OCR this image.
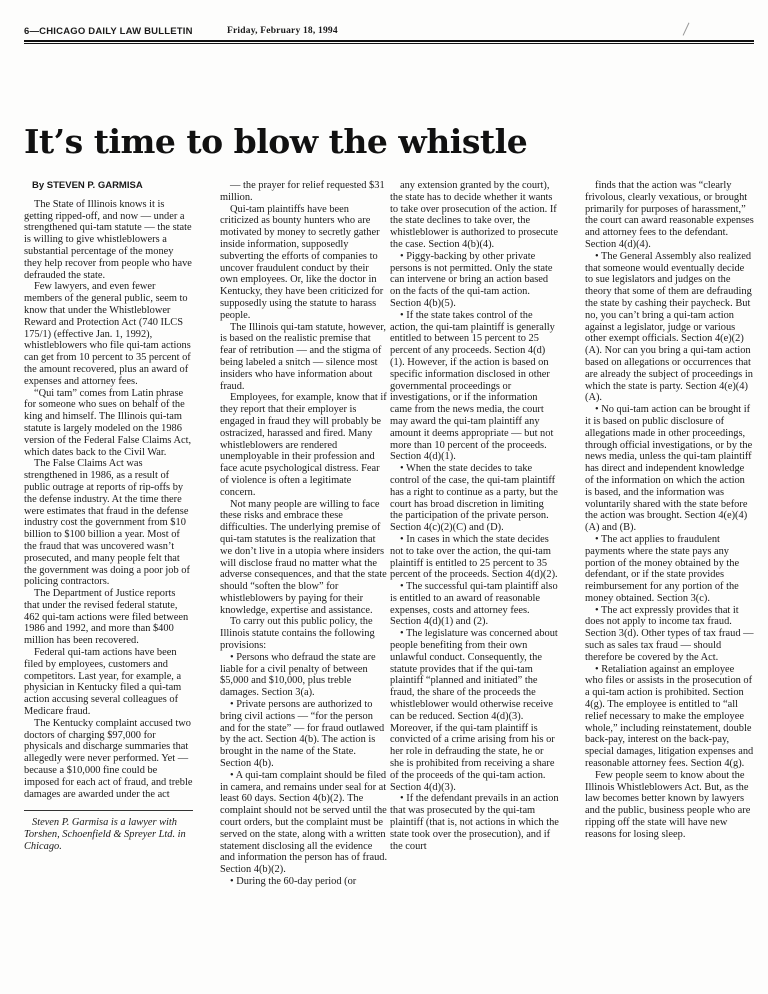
6—CHICAGO DAILY LAW BULLETIN	Friday, February 18, 1994
It’s time to blow the whistle
By STEVEN P. GARMISA

The State of Illinois knows it is getting ripped-off, and now — under a strengthened qui-tam statute — the state is willing to give whistleblowers a substantial percentage of the money they help recover from people who have defrauded the state.

Few lawyers, and even fewer members of the general public, seem to know that under the Whistleblower Reward and Protection Act (740 ILCS 175/1) (effective Jan. 1, 1992), whistleblowers who file qui-tam actions can get from 10 percent to 35 percent of the amount recovered, plus an award of expenses and attorney fees.

“Qui tam” comes from Latin phrase for someone who sues on behalf of the king and himself. The Illinois qui-tam statute is largely modeled on the 1986 version of the Federal False Claims Act, which dates back to the Civil War.

The False Claims Act was strengthened in 1986, as a result of public outrage at reports of rip-offs by the defense industry. At the time there were estimates that fraud in the defense industry cost the government from $10 billion to $100 billion a year. Most of the fraud that was uncovered wasn’t prosecuted, and many people felt that the government was doing a poor job of policing contractors.

The Department of Justice reports that under the revised federal statute, 462 qui-tam actions were filed between 1986 and 1992, and more than $400 million has been recovered.

Federal qui-tam actions have been filed by employees, customers and competitors. Last year, for example, a physician in Kentucky filed a qui-tam action accusing several colleagues of Medicare fraud.

The Kentucky complaint accused two doctors of charging $97,000 for physicals and discharge summaries that allegedly were never performed. Yet — because a $10,000 fine could be imposed for each act of fraud, and treble damages are awarded under the act

Steven P. Garmisa is a lawyer with Torshen, Schoenfield & Spreyer Ltd. in Chicago.

— the prayer for relief requested $31 million.

Qui-tam plaintiffs have been criticized as bounty hunters who are motivated by money to secretly gather inside information, supposedly subverting the efforts of companies to uncover fraudulent conduct by their own employees. Or, like the doctor in Kentucky, they have been criticized for supposedly using the statute to harass people.

The Illinois qui-tam statute, however, is based on the realistic premise that fear of retribution — and the stigma of being labeled a snitch — silence most insiders who have information about fraud.

Employees, for example, know that if they report that their employer is engaged in fraud they will probably be ostracized, harassed and fired. Many whistleblowers are rendered unemployable in their profession and face acute psychological distress. Fear of violence is often a legitimate concern.

Not many people are willing to face these risks and embrace these difficulties. The underlying premise of qui-tam statutes is the realization that we don’t live in a utopia where insiders will disclose fraud no matter what the adverse consequences, and that the state should “soften the blow” for whistleblowers by paying for their knowledge, expertise and assistance.

To carry out this public policy, the Illinois statute contains the following provisions:

• Persons who defraud the state are liable for a civil penalty of between $5,000 and $10,000, plus treble damages. Section 3(a).

• Private persons are authorized to bring civil actions — “for the person and for the state” — for fraud outlawed by the act. Section 4(b). The action is brought in the name of the State. Section 4(b).

• A qui-tam complaint should be filed in camera, and remains under seal for at least 60 days. Section 4(b)(2). The complaint should not be served until the court orders, but the complaint must be served on the state, along with a written statement disclosing all the evidence and information the person has of fraud. Section 4(b)(2).

• During the 60-day period (or

any extension granted by the court), the state has to decide whether it wants to take over prosecution of the action. If the state declines to take over, the whistleblower is authorized to prosecute the case. Section 4(b)(4).

• Piggy-backing by other private persons is not permitted. Only the state can intervene or bring an action based on the facts of the qui-tam action. Section 4(b)(5).

• If the state takes control of the action, the qui-tam plaintiff is generally entitled to between 15 percent to 25 percent of any proceeds. Section 4(d)(1). However, if the action is based on specific information disclosed in other governmental proceedings or investigations, or if the information came from the news media, the court may award the qui-tam plaintiff any amount it deems appropriate — but not more than 10 percent of the proceeds. Section 4(d)(1).

• When the state decides to take control of the case, the qui-tam plaintiff has a right to continue as a party, but the court has broad discretion in limiting the participation of the private person. Section 4(c)(2)(C) and (D).

• In cases in which the state decides not to take over the action, the qui-tam plaintiff is entitled to 25 percent to 35 percent of the proceeds. Section 4(d)(2).

• The successful qui-tam plaintiff also is entitled to an award of reasonable expenses, costs and attorney fees. Section 4(d)(1) and (2).

• The legislature was concerned about people benefiting from their own unlawful conduct. Consequently, the statute provides that if the qui-tam plaintiff “planned and initiated” the fraud, the share of the proceeds the whistleblower would otherwise receive can be reduced. Section 4(d)(3). Moreover, if the qui-tam plaintiff is convicted of a crime arising from his or her role in defrauding the state, he or she is prohibited from receiving a share of the proceeds of the qui-tam action. Section 4(d)(3).

• If the defendant prevails in an action that was prosecuted by the qui-tam plaintiff (that is, not actions in which the state took over the prosecution), and if the court

finds that the action was “clearly frivolous, clearly vexatious, or brought primarily for purposes of harassment,” the court can award reasonable expenses and attorney fees to the defendant. Section 4(d)(4).

• The General Assembly also realized that someone would eventually decide to sue legislators and judges on the theory that some of them are defrauding the state by cashing their paycheck. But no, you can’t bring a qui-tam action against a legislator, judge or various other exempt officials. Section 4(e)(2)(A). Nor can you bring a qui-tam action based on allegations or occurrences that are already the subject of proceedings in which the state is party. Section 4(e)(4)(A).

• No qui-tam action can be brought if it is based on public disclosure of allegations made in other proceedings, through official investigations, or by the news media, unless the qui-tam plaintiff has direct and independent knowledge of the information on which the action is based, and the information was voluntarily shared with the state before the action was brought. Section 4(e)(4)(A) and (B).

• The act applies to fraudulent payments where the state pays any portion of the money obtained by the defendant, or if the state provides reimbursement for any portion of the money obtained. Section 3(c).

• The act expressly provides that it does not apply to income tax fraud. Section 3(d). Other types of tax fraud — such as sales tax fraud — should therefore be covered by the Act.

• Retaliation against an employee who files or assists in the prosecution of a qui-tam action is prohibited. Section 4(g). The employee is entitled to “all relief necessary to make the employee whole,” including reinstatement, double back-pay, interest on the back-pay, special damages, litigation expenses and reasonable attorney fees. Section 4(g).

Few people seem to know about the Illinois Whistleblowers Act. But, as the law becomes better known by lawyers and the public, business people who are ripping off the state will have new reasons for losing sleep.
